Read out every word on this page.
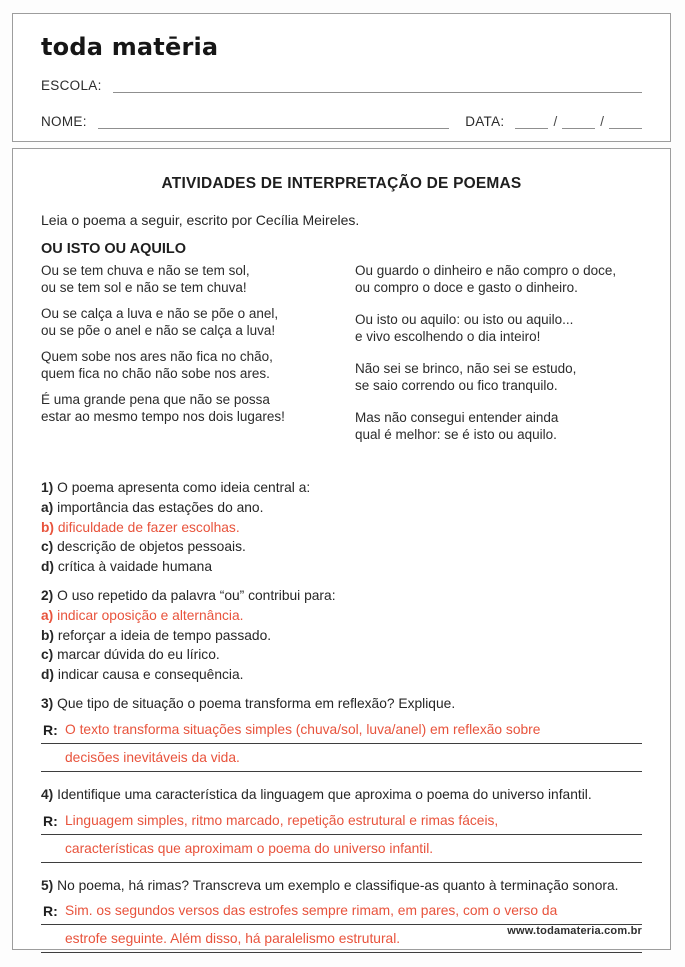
toda matēria
ESCOLA:
NOME:	DATA:	/	/
ATIVIDADES DE INTERPRETAÇÃO DE POEMAS

Leia o poema a seguir, escrito por Cecília Meireles.

OU ISTO OU AQUILO
Ou se tem chuva e não se tem sol,
ou se tem sol e não se tem chuva!
Ou se calça a luva e não se põe o anel,
ou se põe o anel e não se calça a luva!
Quem sobe nos ares não fica no chão,
quem fica no chão não sobe nos ares.
É uma grande pena que não se possa
estar ao mesmo tempo nos dois lugares!
Ou guardo o dinheiro e não compro o doce,
ou compro o doce e gasto o dinheiro.
Ou isto ou aquilo: ou isto ou aquilo...
e vivo escolhendo o dia inteiro!
Não sei se brinco, não sei se estudo,
se saio correndo ou fico tranquilo.
Mas não consegui entender ainda
qual é melhor: se é isto ou aquilo.
1) O poema apresenta como ideia central a:
a) importância das estações do ano.
b) dificuldade de fazer escolhas.
c) descrição de objetos pessoais.
d) crítica à vaidade humana
2) O uso repetido da palavra “ou” contribui para:
a) indicar oposição e alternância.
b) reforçar a ideia de tempo passado.
c) marcar dúvida do eu lírico.
d) indicar causa e consequência.
3) Que tipo de situação o poema transforma em reflexão? Explique.
R: O texto transforma situações simples (chuva/sol, luva/anel) em reflexão sobre
decisões inevitáveis da vida.
4) Identifique uma característica da linguagem que aproxima o poema do universo infantil.
R: Linguagem simples, ritmo marcado, repetição estrutural e rimas fáceis,
características que aproximam o poema do universo infantil.
5) No poema, há rimas? Transcreva um exemplo e classifique-as quanto à terminação sonora.
R: Sim. os segundos versos das estrofes sempre rimam, em pares, com o verso da
estrofe seguinte. Além disso, há paralelismo estrutural.
www.todamateria.com.br
